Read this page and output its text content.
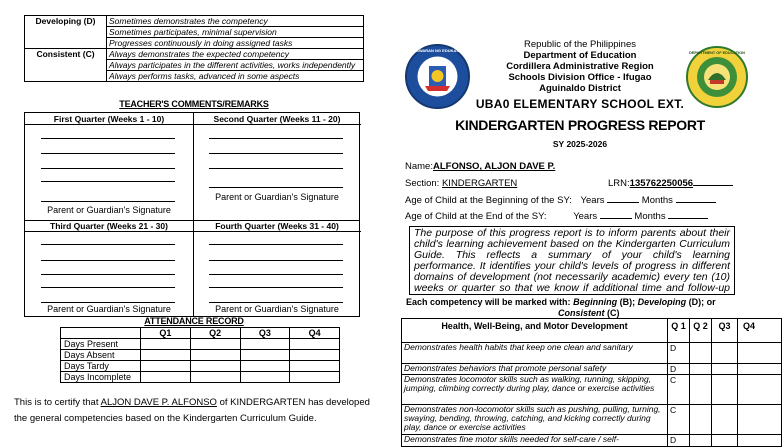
Developing (D)	Sometimes demonstrates the competency
	Sometimes participates, minimal supervision
	Progresses continuously in doing assigned tasks
Consistent (C)	Always demonstrates the expected competency
	Always participates in the different activities, works independently
	Always performs tasks, advanced in some aspects
TEACHER'S COMMENTS/REMARKS
First Quarter (Weeks 1 - 10)
Parent or Guardian's Signature
Second Quarter (Weeks 11 - 20)
Parent or Guardian's Signature
Third Quarter (Weeks 21 - 30)
Parent or Guardian's Signature
Fourth Quarter (Weeks 31 - 40)
Parent or Guardian's Signature
ATTENDANCE RECORD
	Q1	Q2	Q3	Q4
Days Present				
Days Absent				
Days Tardy				
Days Incomplete				
This is to certify that ALJON DAVE P. ALFONSO of KINDERGARTEN has developed
the general competencies based on the Kindergarten Curriculum Guide.
KAGAWARAN NG EDUKASYON	DEPARTMENT OF EDUCATION
Republic of the Philippines
Department of Education
Cordillera Administrative Region
Schools Division Office - Ifugao
Aguinaldo District
UBA0 ELEMENTARY SCHOOL EXT.
KINDERGARTEN PROGRESS REPORT
SY 2025-2026
Name:ALFONSO, ALJON DAVE P.
Section: KINDERGARTEN	LRN:135762250056
Age of Child at the Beginning of the SY: Years	Months
Age of Child at the End of the SY:	Years	Months
The purpose of this progress report is to inform parents about their child's learning achievement based on the Kindergarten Curriculum Guide. This reflects a summary of your child's learning performance. It identifies your child's levels of progress in different domains of development (not necessarily academic) every ten (10) weeks or quarter so that we know if additional time and follow-up
Each competency will be marked with: Beginning (B); Developing (D); or
Consistent (C)
Health, Well-Being, and Motor Development	Q 1	Q 2	Q3	Q4
Demonstrates health habits that keep one clean and sanitary	D			
Demonstrates behaviors that promote personal safety	D			
Demonstrates locomotor skills such as walking, running, skipping, jumping, climbing correctly during play, dance or exercise activities	C			
Demonstrates non-locomotor skills such as pushing, pulling, turning, swaying, bending, throwing, catching, and kicking correctly during play, dance or exercise activities	C			
Demonstrates fine motor skills needed for self-care / self-	D			
